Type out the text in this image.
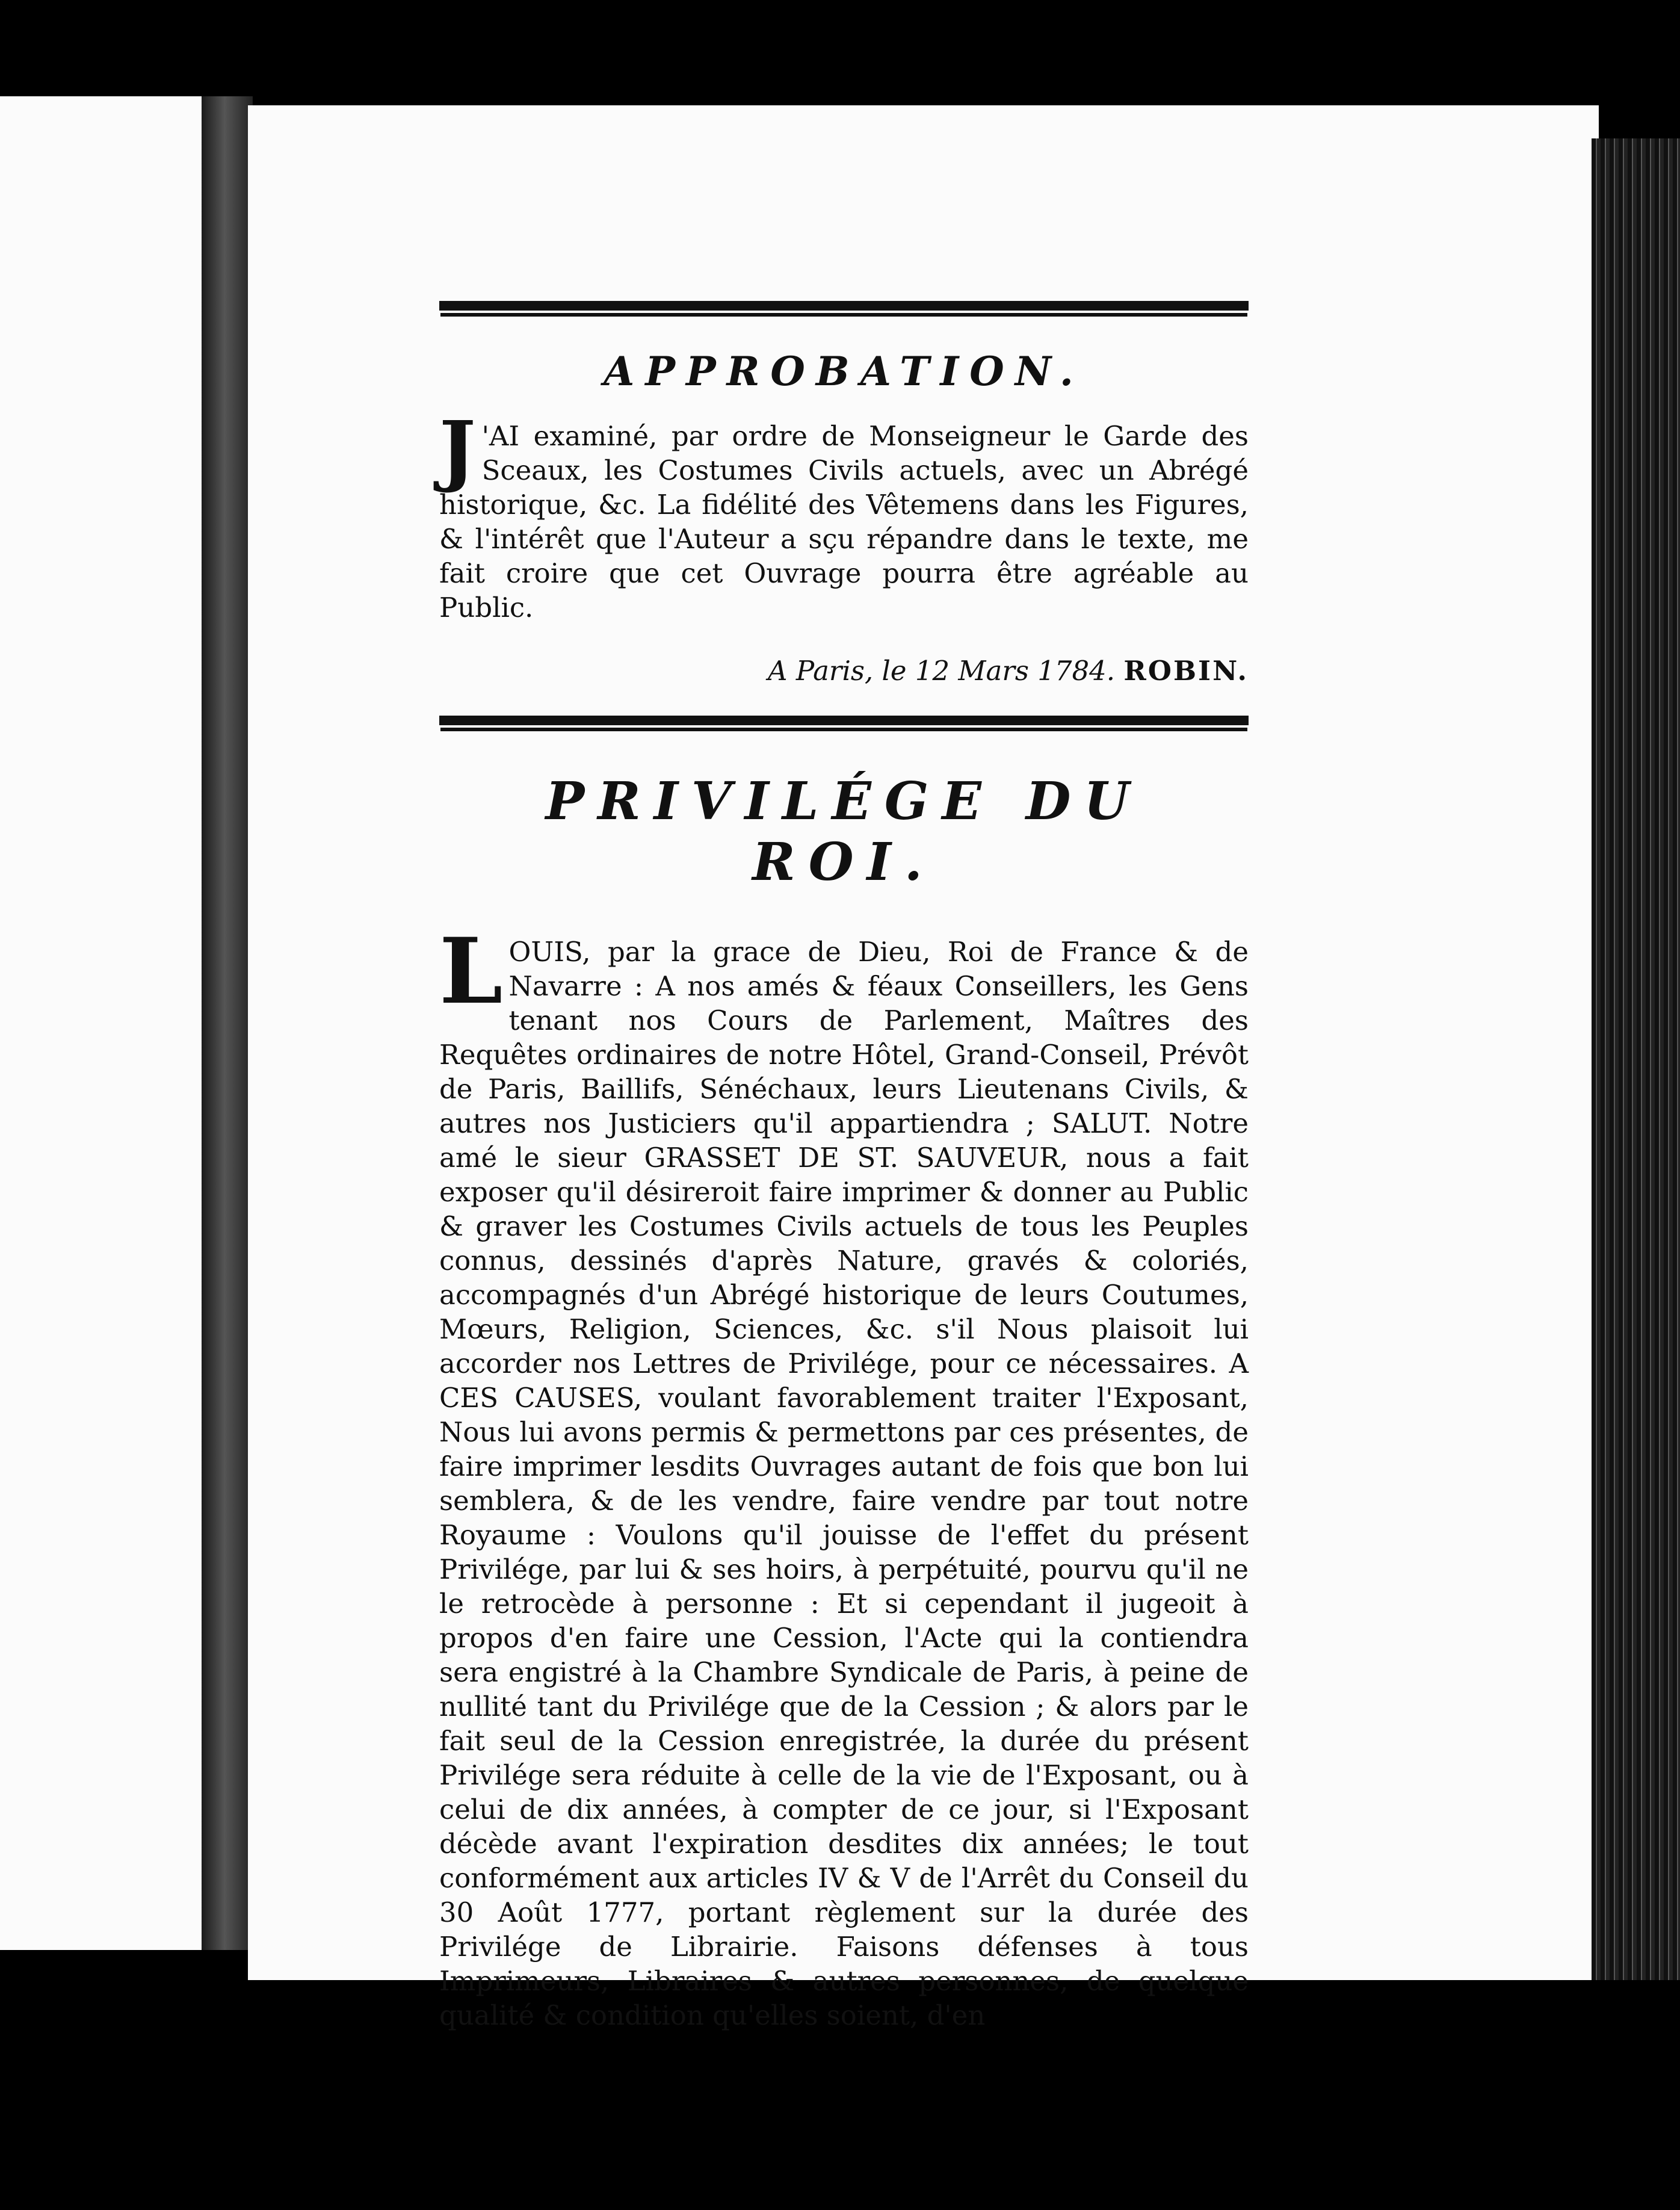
APPROBATION.

J 'AI examiné, par ordre de Monseigneur le Garde des Sceaux, les Costumes Civils actuels, avec un Abrégé historique, &c. La fidélité des Vêtemens dans les Figures, & l'intérêt que l'Auteur a sçu répandre dans le texte, me fait croire que cet Ouvrage pourra être agréable au Public.

A Paris, le 12 Mars 1784. ROBIN.

PRIVILÉGE DU ROI.

LOUIS, par la grace de Dieu, Roi de France & de Navarre : A nos amés & féaux Conseillers, les Gens tenant nos Cours de Parlement, Maîtres des Requêtes ordinaires de notre Hôtel, Grand-Conseil, Prévôt de Paris, Baillifs, Sénéchaux, leurs Lieutenans Civils, & autres nos Justiciers qu'il appartiendra ; SALUT. Notre amé le sieur GRASSET DE ST. SAUVEUR, nous a fait exposer qu'il désireroit faire imprimer & donner au Public & graver les Costumes Civils actuels de tous les Peuples connus, dessinés d'après Nature, gravés & coloriés, accompagnés d'un Abrégé historique de leurs Coutumes, Mœurs, Religion, Sciences, &c. s'il Nous plaisoit lui accorder nos Lettres de Privilége, pour ce nécessaires. A CES CAUSES, voulant favorablement traiter l'Exposant, Nous lui avons permis & permettons par ces présentes, de faire imprimer lesdits Ouvrages autant de fois que bon lui semblera, & de les vendre, faire vendre par tout notre Royaume : Voulons qu'il jouisse de l'effet du présent Privilége, par lui & ses hoirs, à perpétuité, pourvu qu'il ne le retrocède à personne : Et si cependant il jugeoit à propos d'en faire une Cession, l'Acte qui la contiendra sera engistré à la Chambre Syndicale de Paris, à peine de nullité tant du Privilége que de la Cession ; & alors par le fait seul de la Cession enregistrée, la durée du présent Privilége sera réduite à celle de la vie de l'Exposant, ou à celui de dix années, à compter de ce jour, si l'Exposant décède avant l'expiration desdites dix années; le tout conformément aux articles IV & V de l'Arrêt du Conseil du 30 Août 1777, portant règlement sur la durée des Privilége de Librairie. Faisons défenses à tous Imprimeurs, Libraires & autres personnes, de quelque qualité & condition qu'elles soient, d'en
